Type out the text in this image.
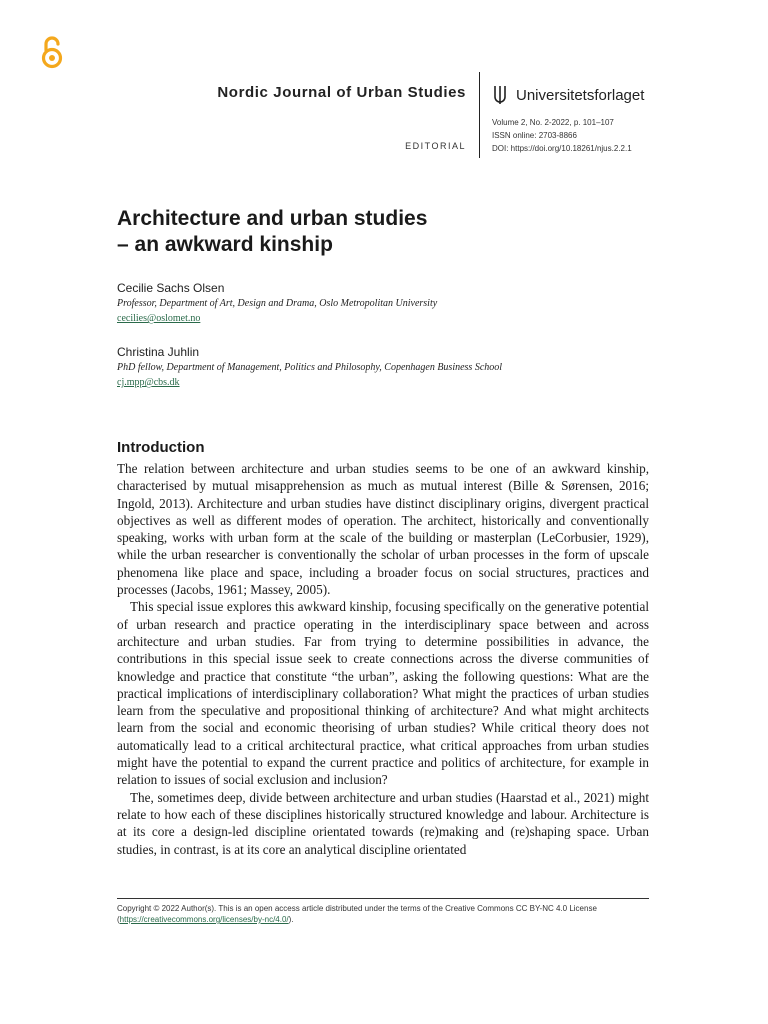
Nordic Journal of Urban Studies
EDITORIAL
Universitetsforlaget
Volume 2, No. 2-2022, p. 101–107
ISSN online: 2703-8866
DOI: https://doi.org/10.18261/njus.2.2.1
Architecture and urban studies
– an awkward kinship
Cecilie Sachs Olsen
Professor, Department of Art, Design and Drama, Oslo Metropolitan University
cecilies@oslomet.no
Christina Juhlin
PhD fellow, Department of Management, Politics and Philosophy, Copenhagen Business School
cj.mpp@cbs.dk
Introduction

The relation between architecture and urban studies seems to be one of an awkward kinship, characterised by mutual misapprehension as much as mutual interest (Bille & Sørensen, 2016; Ingold, 2013). Architecture and urban studies have distinct disciplinary origins, divergent practical objectives as well as different modes of operation. The architect, historically and conventionally speaking, works with urban form at the scale of the building or masterplan (LeCorbusier, 1929), while the urban researcher is conventionally the scholar of urban processes in the form of upscale phenomena like place and space, including a broader focus on social structures, practices and processes (Jacobs, 1961; Massey, 2005).

This special issue explores this awkward kinship, focusing specifically on the generative potential of urban research and practice operating in the interdisciplinary space between and across architecture and urban studies. Far from trying to determine possibilities in advance, the contributions in this special issue seek to create connections across the diverse communities of knowledge and practice that constitute “the urban”, asking the following questions: What are the practical implications of interdisciplinary collaboration? What might the practices of urban studies learn from the speculative and propositional thinking of architecture? And what might architects learn from the social and economic theorising of urban studies? While critical theory does not automatically lead to a critical architectural practice, what critical approaches from urban studies might have the potential to expand the current practice and politics of architecture, for example in relation to issues of social exclusion and inclusion?

The, sometimes deep, divide between architecture and urban studies (Haarstad et al., 2021) might relate to how each of these disciplines historically structured knowledge and labour. Architecture is at its core a design-led discipline orientated towards (re)making and (re)shaping space. Urban studies, in contrast, is at its core an analytical discipline orientated

Copyright © 2022 Author(s). This is an open access article distributed under the terms of the Creative Commons CC BY-NC 4.0 License
(https://creativecommons.org/licenses/by-nc/4.0/).
